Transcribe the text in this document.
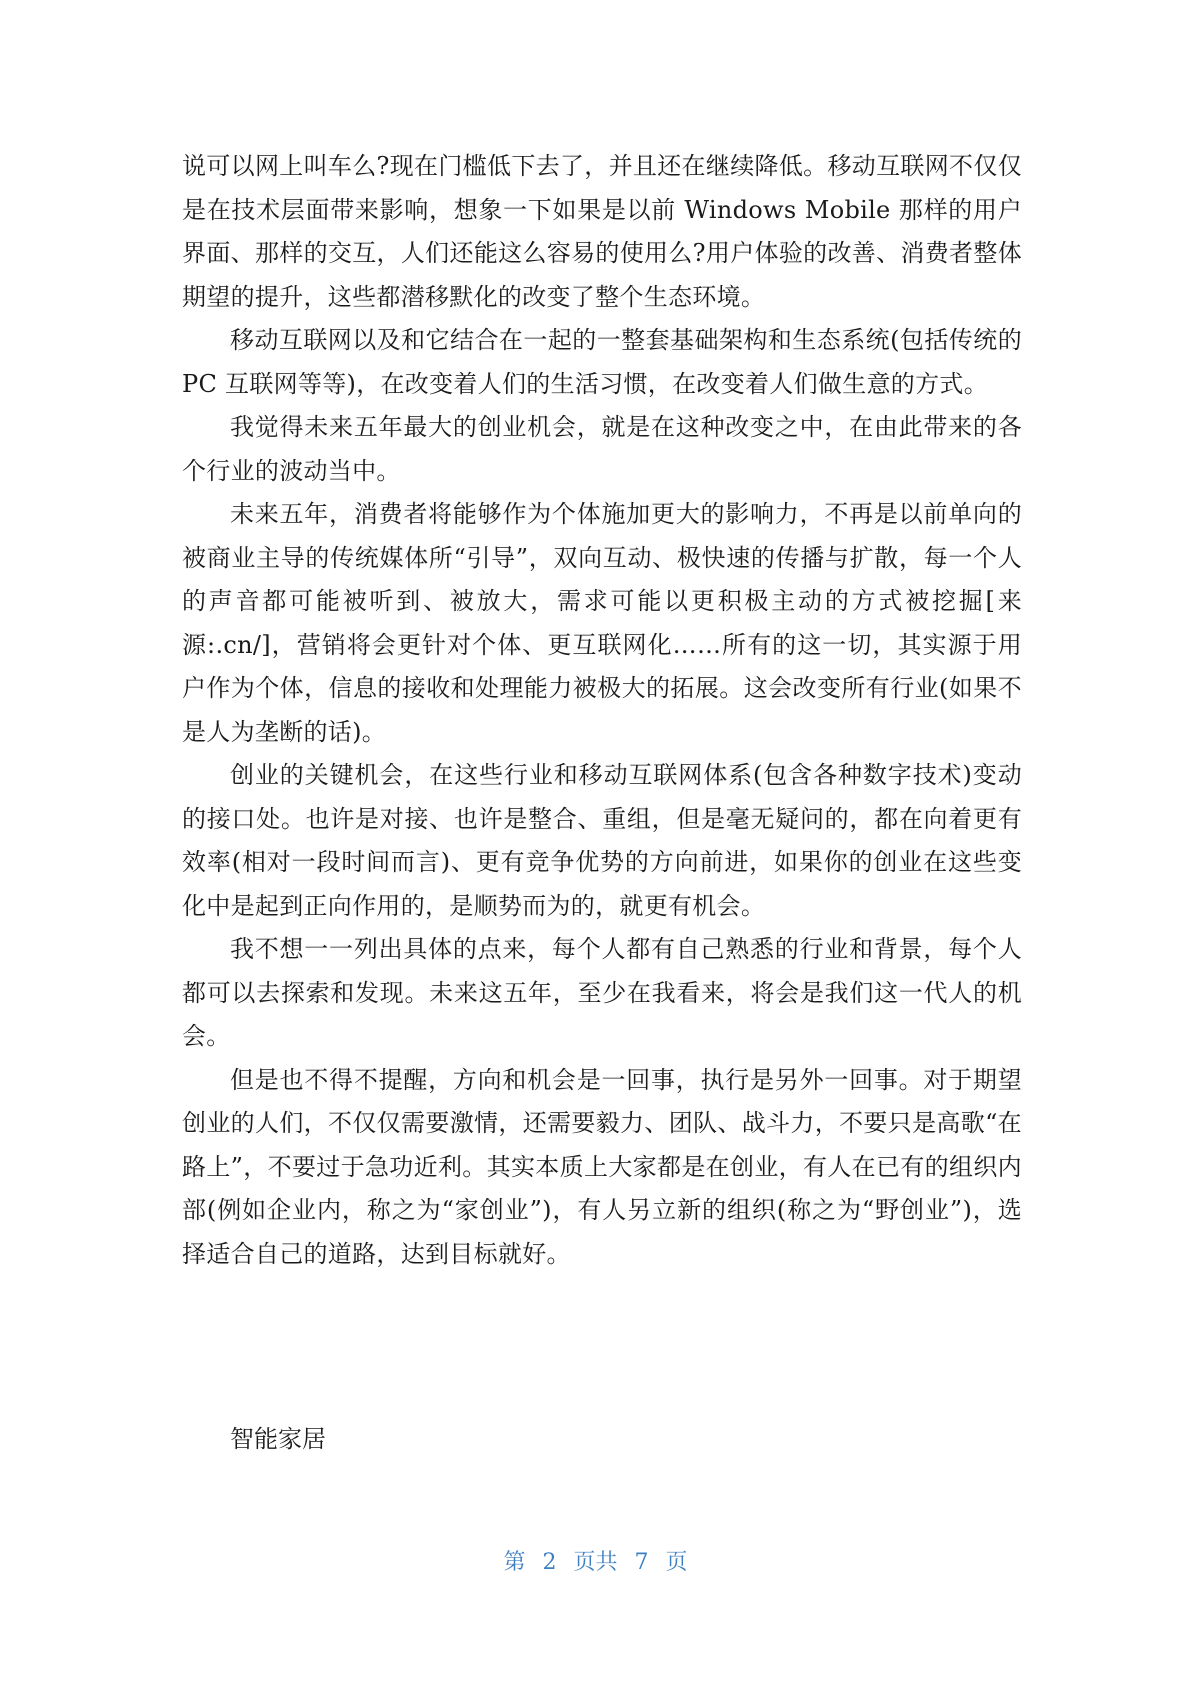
说可以网上叫车么?现在门槛低下去了，并且还在继续降低。移动互联网不仅仅是在技术层面带来影响，想象一下如果是以前 Windows Mobile 那样的用户界面、那样的交互，人们还能这么容易的使用么?用户体验的改善、消费者整体期望的提升，这些都潜移默化的改变了整个生态环境。

移动互联网以及和它结合在一起的一整套基础架构和生态系统(包括传统的 PC 互联网等等)，在改变着人们的生活习惯，在改变着人们做生意的方式。

我觉得未来五年最大的创业机会，就是在这种改变之中，在由此带来的各个行业的波动当中。

未来五年，消费者将能够作为个体施加更大的影响力，不再是以前单向的被商业主导的传统媒体所“引导”，双向互动、极快速的传播与扩散，每一个人的声音都可能被听到、被放大，需求可能以更积极主动的方式被挖掘[来源:.cn/]，营销将会更针对个体、更互联网化……所有的这一切，其实源于用户作为个体，信息的接收和处理能力被极大的拓展。这会改变所有行业(如果不是人为垄断的话)。

创业的关键机会，在这些行业和移动互联网体系(包含各种数字技术)变动的接口处。也许是对接、也许是整合、重组，但是毫无疑问的，都在向着更有效率(相对一段时间而言)、更有竞争优势的方向前进，如果你的创业在这些变化中是起到正向作用的，是顺势而为的，就更有机会。

我不想一一列出具体的点来，每个人都有自己熟悉的行业和背景，每个人都可以去探索和发现。未来这五年，至少在我看来，将会是我们这一代人的机会。

但是也不得不提醒，方向和机会是一回事，执行是另外一回事。对于期望创业的人们，不仅仅需要激情，还需要毅力、团队、战斗力，不要只是高歌“在路上”，不要过于急功近利。其实本质上大家都是在创业，有人在已有的组织内部(例如企业内，称之为“家创业”)，有人另立新的组织(称之为“野创业”)，选择适合自己的道路，达到目标就好。

智能家居

第 2 页共 7 页
